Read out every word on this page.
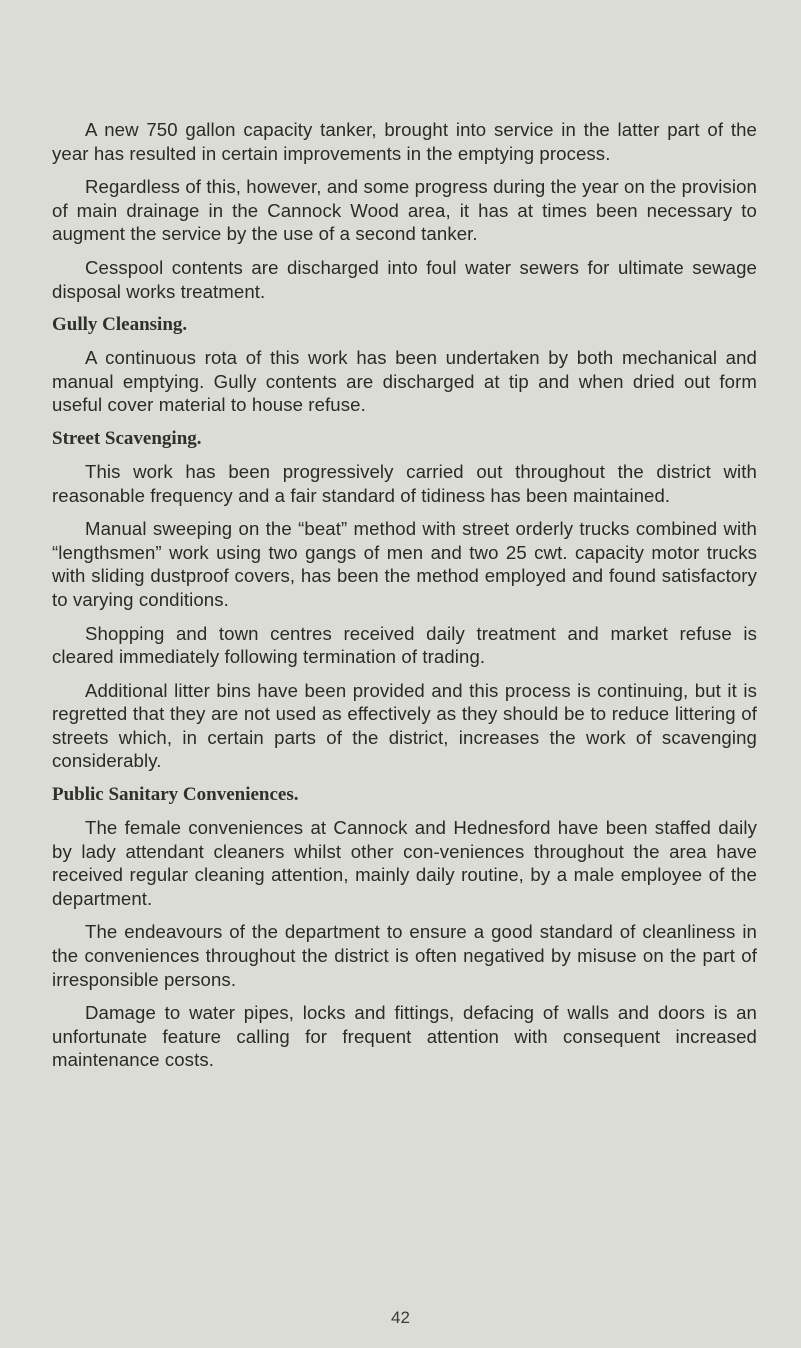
A new 750 gallon capacity tanker, brought into service in the latter part of the year has resulted in certain improvements in the emptying process.

Regardless of this, however, and some progress during the year on the provision of main drainage in the Cannock Wood area, it has at times been necessary to augment the service by the use of a second tanker.

Cesspool contents are discharged into foul water sewers for ultimate sewage disposal works treatment.

Gully Cleansing.

A continuous rota of this work has been undertaken by both mechanical and manual emptying. Gully contents are discharged at tip and when dried out form useful cover material to house refuse.

Street Scavenging.

This work has been progressively carried out throughout the district with reasonable frequency and a fair standard of tidiness has been maintained.

Manual sweeping on the “beat” method with street orderly trucks combined with “lengthsmen” work using two gangs of men and two 25 cwt. capacity motor trucks with sliding dustproof covers, has been the method employed and found satisfactory to varying conditions.

Shopping and town centres received daily treatment and market refuse is cleared immediately following termination of trading.

Additional litter bins have been provided and this process is continuing, but it is regretted that they are not used as effectively as they should be to reduce littering of streets which, in certain parts of the district, increases the work of scavenging considerably.

Public Sanitary Conveniences.

The female conveniences at Cannock and Hednesford have been staffed daily by lady attendant cleaners whilst other con-veniences throughout the area have received regular cleaning attention, mainly daily routine, by a male employee of the department.

The endeavours of the department to ensure a good standard of cleanliness in the conveniences throughout the district is often negatived by misuse on the part of irresponsible persons.

Damage to water pipes, locks and fittings, defacing of walls and doors is an unfortunate feature calling for frequent attention with consequent increased maintenance costs.

42
